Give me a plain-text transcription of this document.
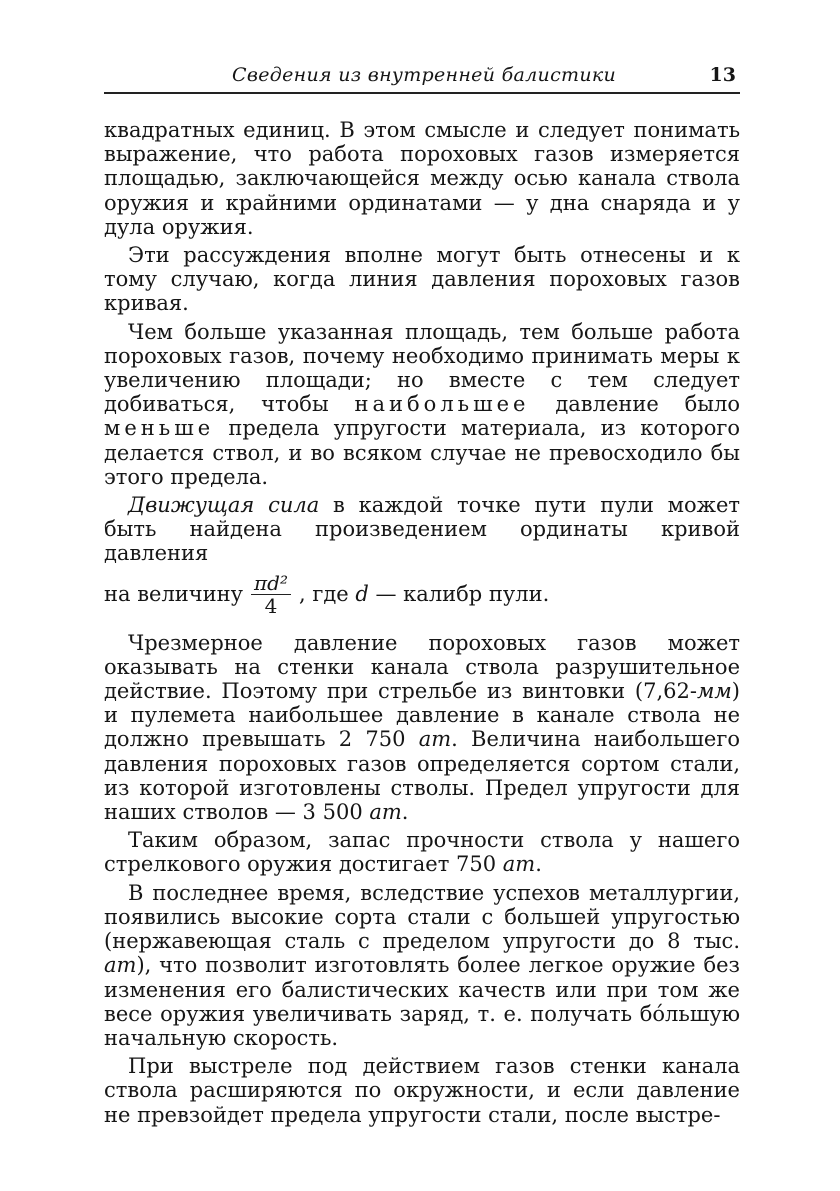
Сведения из внутренней балистики	13

квадратных единиц. В этом смысле и следует понимать выражение, что работа пороховых газов измеряется площадью, заключающейся между осью канала ствола оружия и крайними ординатами — у дна снаряда и у дула оружия.

Эти рассуждения вполне могут быть отнесены и к тому случаю, когда линия давления пороховых газов кривая.

Чем больше указанная площадь, тем больше работа пороховых газов, почему необходимо принимать меры к увеличению площади; но вместе с тем следует добиваться, чтобы наибольшее давление было меньше предела упругости материала, из которого делается ствол, и во всяком случае не превосходило бы этого предела.

Движущая сила в каждой точке пути пули может быть найдена произведением ординаты кривой давления

на величину $\frac{\text{πd²}}{4}$ , где d — калибр пули.

Чрезмерное давление пороховых газов может оказывать на стенки канала ствола разрушительное действие. Поэтому при стрельбе из винтовки (7,62-мм) и пулемета наибольшее давление в канале ствола не должно превышать 2 750 ат. Величина наибольшего давления пороховых газов определяется сортом стали, из которой изготовлены стволы. Предел упругости для наших стволов — 3 500 ат.

Таким образом, запас прочности ствола у нашего стрелкового оружия достигает 750 ат.

В последнее время, вследствие успехов металлургии, появились высокие сорта стали с большей упругостью (нержавеющая сталь с пределом упругости до 8 тыс. ат), что позволит изготовлять более легкое оружие без изменения его балистических качеств или при том же весе оружия увеличивать заряд, т. е. получать бóльшую начальную скорость.

При выстреле под действием газов стенки канала ствола расширяются по окружности, и если давление не превзойдет предела упругости стали, после выстре-
